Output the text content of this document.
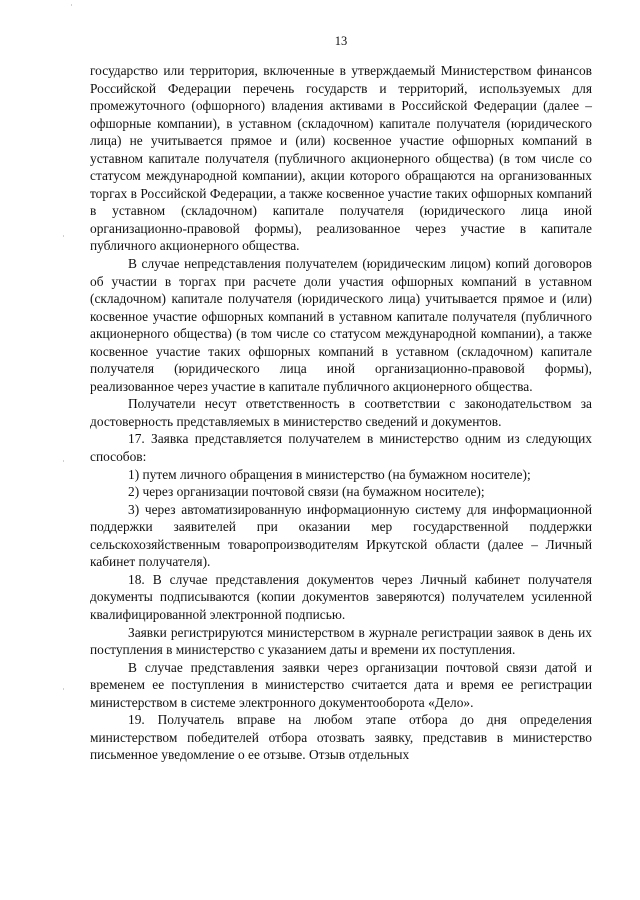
13

государство или территория, включенные в утверждаемый Министерством финансов Российской Федерации перечень государств и территорий, используемых для промежуточного (офшорного) владения активами в Российской Федерации (далее – офшорные компании), в уставном (складочном) капитале получателя (юридического лица) не учитывается прямое и (или) косвенное участие офшорных компаний в уставном капитале получателя (публичного акционерного общества) (в том числе со статусом международной компании), акции которого обращаются на организованных торгах в Российской Федерации, а также косвенное участие таких офшорных компаний в уставном (складочном) капитале получателя (юридического лица иной организационно-правовой формы), реализованное через участие в капитале публичного акционерного общества.

В случае непредставления получателем (юридическим лицом) копий договоров об участии в торгах при расчете доли участия офшорных компаний в уставном (складочном) капитале получателя (юридического лица) учитывается прямое и (или) косвенное участие офшорных компаний в уставном капитале получателя (публичного акционерного общества) (в том числе со статусом международной компании), а также косвенное участие таких офшорных компаний в уставном (складочном) капитале получателя (юридического лица иной организационно-правовой формы), реализованное через участие в капитале публичного акционерного общества.

Получатели несут ответственность в соответствии с законодательством за достоверность представляемых в министерство сведений и документов.

17. Заявка представляется получателем в министерство одним из следующих способов:

1) путем личного обращения в министерство (на бумажном носителе);

2) через организации почтовой связи (на бумажном носителе);

3) через автоматизированную информационную систему для информационной поддержки заявителей при оказании мер государственной поддержки сельскохозяйственным товаропроизводителям Иркутской области (далее – Личный кабинет получателя).

18. В случае представления документов через Личный кабинет получателя документы подписываются (копии документов заверяются) получателем усиленной квалифицированной электронной подписью.

Заявки регистрируются министерством в журнале регистрации заявок в день их поступления в министерство с указанием даты и времени их поступления.

В случае представления заявки через организации почтовой связи датой и временем ее поступления в министерство считается дата и время ее регистрации министерством в системе электронного документооборота «Дело».

19. Получатель вправе на любом этапе отбора до дня определения министерством победителей отбора отозвать заявку, представив в министерство письменное уведомление о ее отзыве. Отзыв отдельных

˙
˙
˙
˙
